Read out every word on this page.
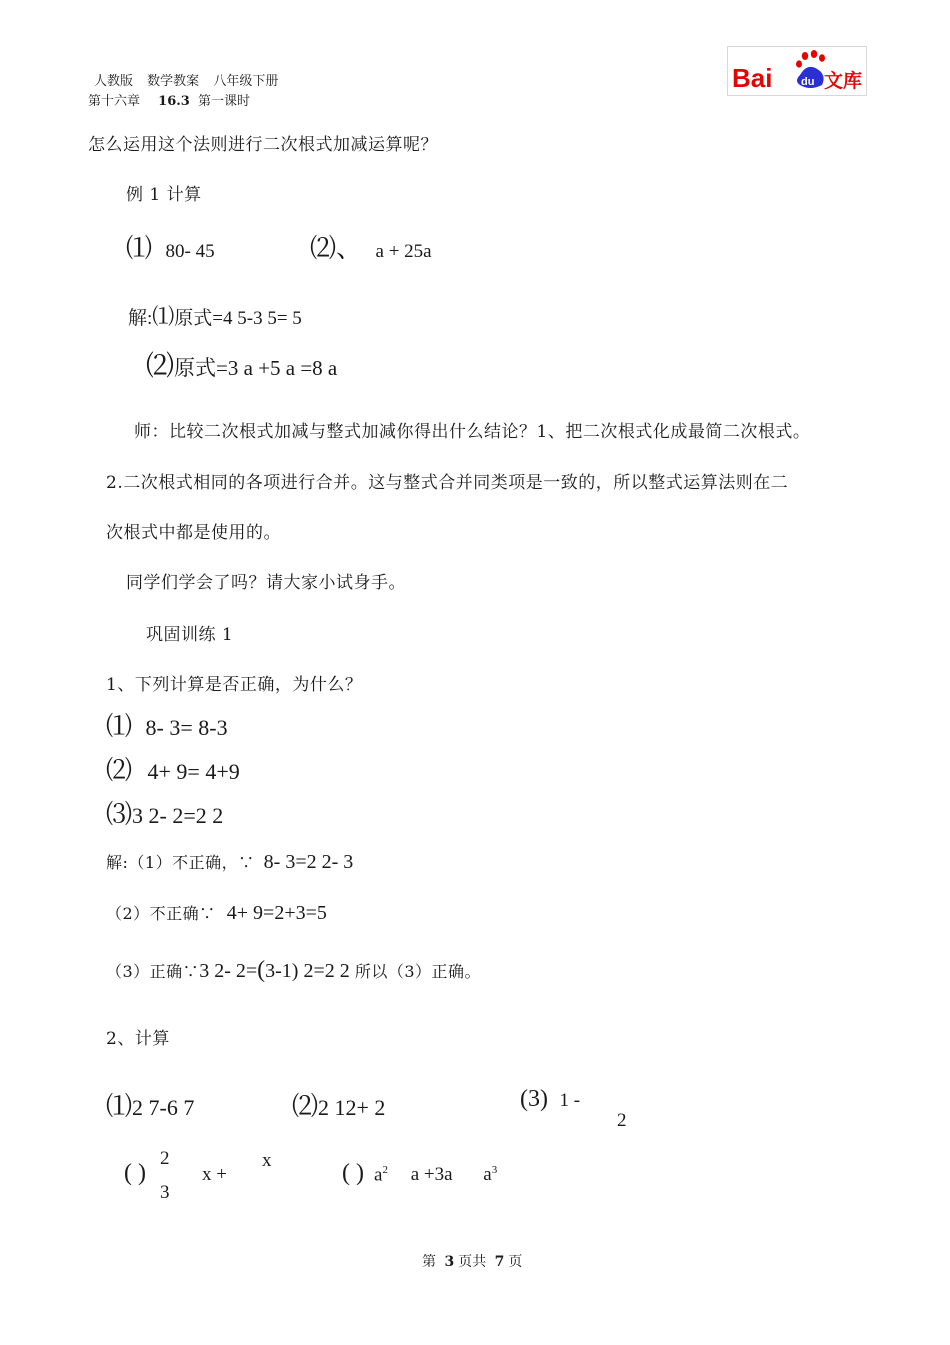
人教版 数学教案 八年级下册
第十六章 16.3 第一课时
Bai	du 文库
怎么运用这个法则进行二次根式加减运算呢？
例 1 计算
⑴ 80- 45	⑵、 a + 25a
解:⑴原式=4 5-3 5= 5
⑵原式=3 a +5 a =8 a
师：比较二次根式加减与整式加减你得出什么结论？1、把二次根式化成最简二次根式。
2.二次根式相同的各项进行合并。这与整式合并同类项是一致的，所以整式运算法则在二
次根式中都是使用的。
同学们学会了吗？请大家小试身手。
巩固训练 1
1、下列计算是否正确，为什么？
⑴ 8- 3= 8-3
⑵ 4+ 9= 4+9
⑶3 2- 2=2 2
解:（1）不正确，∵ 8- 3=2 2- 3
（2）不正确∵ 4+ 9=2+3=5
（3）正确∵3 2- 2=(3-1) 2=2 2 所以（3）正确。
2、计算
⑴2 7-6 7	⑵2 12+ 2	(3) 1 -
2
( )
2
3
x +
x	( ) $a^2$ a +3a $a^3$
第 3 页共 7 页
